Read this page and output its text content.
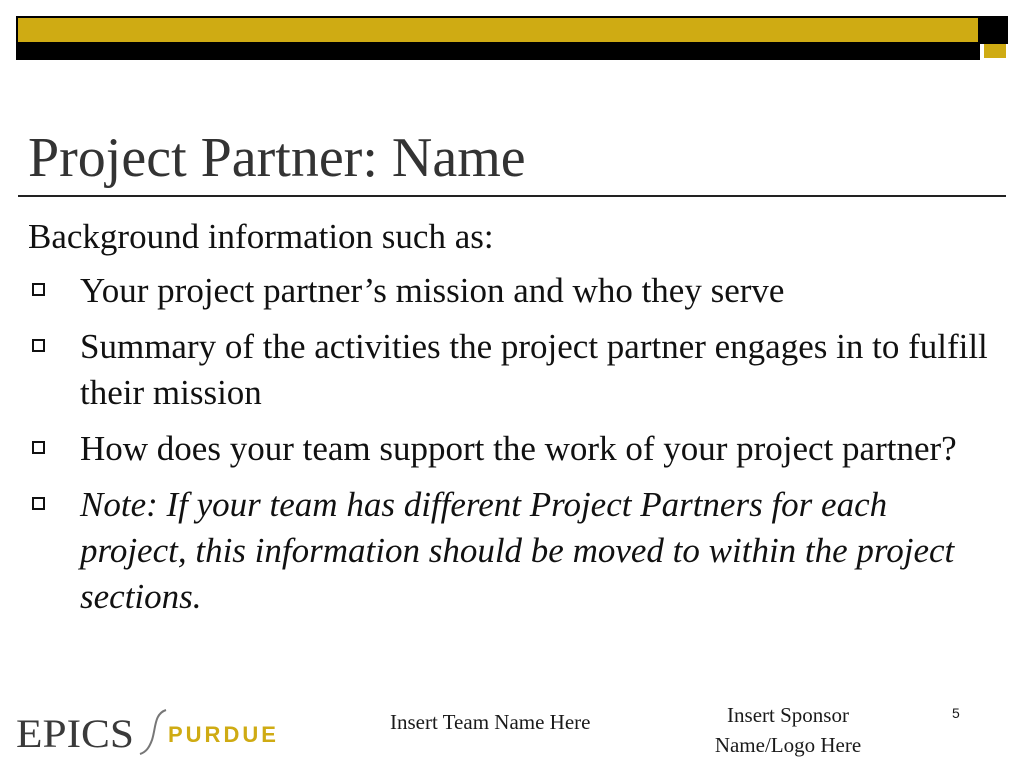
Project Partner: Name

Background information such as:

Your project partner’s mission and who they serve
Summary of the activities the project partner engages in to fulfill their mission
How does your team support the work of your project partner?
Note: If your team has different Project Partners for each project, this information should be moved to within the project sections.
EPICS PURDUE	Insert Team Name Here	Insert Sponsor
Name/Logo Here
5
